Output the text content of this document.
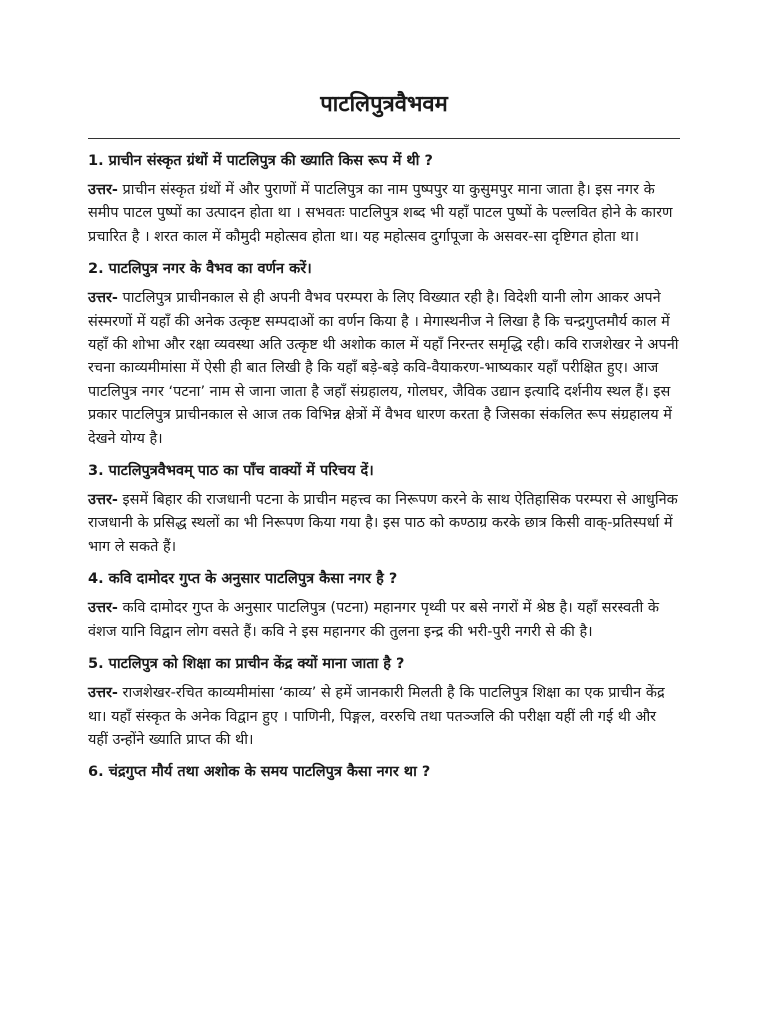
पाटलिपुत्रवैभवम

1. प्राचीन संस्कृत ग्रंथों में पाटलिपुत्र की ख्याति किस रूप में थी ?

उत्तर- प्राचीन संस्कृत ग्रंथों में और पुराणों में पाटलिपुत्र का नाम पुष्पपुर या कुसुमपुर माना जाता है। इस नगर के समीप पाटल पुष्पों का उत्पादन होता था । सभवतः पाटलिपुत्र शब्द भी यहाँ पाटल पुष्पों के पल्लवित होने के कारण प्रचारित है । शरत काल में कौमुदी महोत्सव होता था। यह महोत्सव दुर्गापूजा के असवर-सा दृष्टिगत होता था।

2. पाटलिपुत्र नगर के वैभव का वर्णन करें।

उत्तर- पाटलिपुत्र प्राचीनकाल से ही अपनी वैभव परम्परा के लिए विख्यात रही है। विदेशी यानी लोग आकर अपने संस्मरणों में यहाँ की अनेक उत्कृष्ट सम्पदाओं का वर्णन किया है । मेगास्थनीज ने लिखा है कि चन्द्रगुप्तमौर्य काल में यहाँ की शोभा और रक्षा व्यवस्था अति उत्कृष्ट थी अशोक काल में यहाँ निरन्तर समृद्धि रही। कवि राजशेखर ने अपनी रचना काव्यमीमांसा में ऐसी ही बात लिखी है कि यहाँ बड़े-बड़े कवि-वैयाकरण-भाष्यकार यहाँ परीक्षित हुए। आज पाटलिपुत्र नगर ‘पटना’ नाम से जाना जाता है जहाँ संग्रहालय, गोलघर, जैविक उद्यान इत्यादि दर्शनीय स्थल हैं। इस प्रकार पाटलिपुत्र प्राचीनकाल से आज तक विभिन्न क्षेत्रों में वैभव धारण करता है जिसका संकलित रूप संग्रहालय में देखने योग्य है।

3. पाटलिपुत्रवैभवम् पाठ का पाँच वाक्यों में परिचय दें।

उत्तर- इसमें बिहार की राजधानी पटना के प्राचीन महत्त्व का निरूपण करने के साथ ऐतिहासिक परम्परा से आधुनिक राजधानी के प्रसिद्ध स्थलों का भी निरूपण किया गया है। इस पाठ को कण्ठाग्र करके छात्र किसी वाक्-प्रतिस्पर्धा में भाग ले सकते हैं।

4. कवि दामोदर गुप्त के अनुसार पाटलिपुत्र कैसा नगर है ?

उत्तर- कवि दामोदर गुप्त के अनुसार पाटलिपुत्र (पटना) महानगर पृथ्वी पर बसे नगरों में श्रेष्ठ है। यहाँ सरस्वती के वंशज यानि विद्वान लोग वसते हैं। कवि ने इस महानगर की तुलना इन्द्र की भरी-पुरी नगरी से की है।

5. पाटलिपुत्र को शिक्षा का प्राचीन केंद्र क्यों माना जाता है ?

उत्तर- राजशेखर-रचित काव्यमीमांसा ‘काव्य’ से हमें जानकारी मिलती है कि पाटलिपुत्र शिक्षा का एक प्राचीन केंद्र था। यहाँ संस्कृत के अनेक विद्वान हुए । पाणिनी, पिङ्गल, वररुचि तथा पतञ्जलि की परीक्षा यहीं ली गई थी और यहीं उन्होंने ख्याति प्राप्त की थी।

6. चंद्रगुप्त मौर्य तथा अशोक के समय पाटलिपुत्र कैसा नगर था ?
